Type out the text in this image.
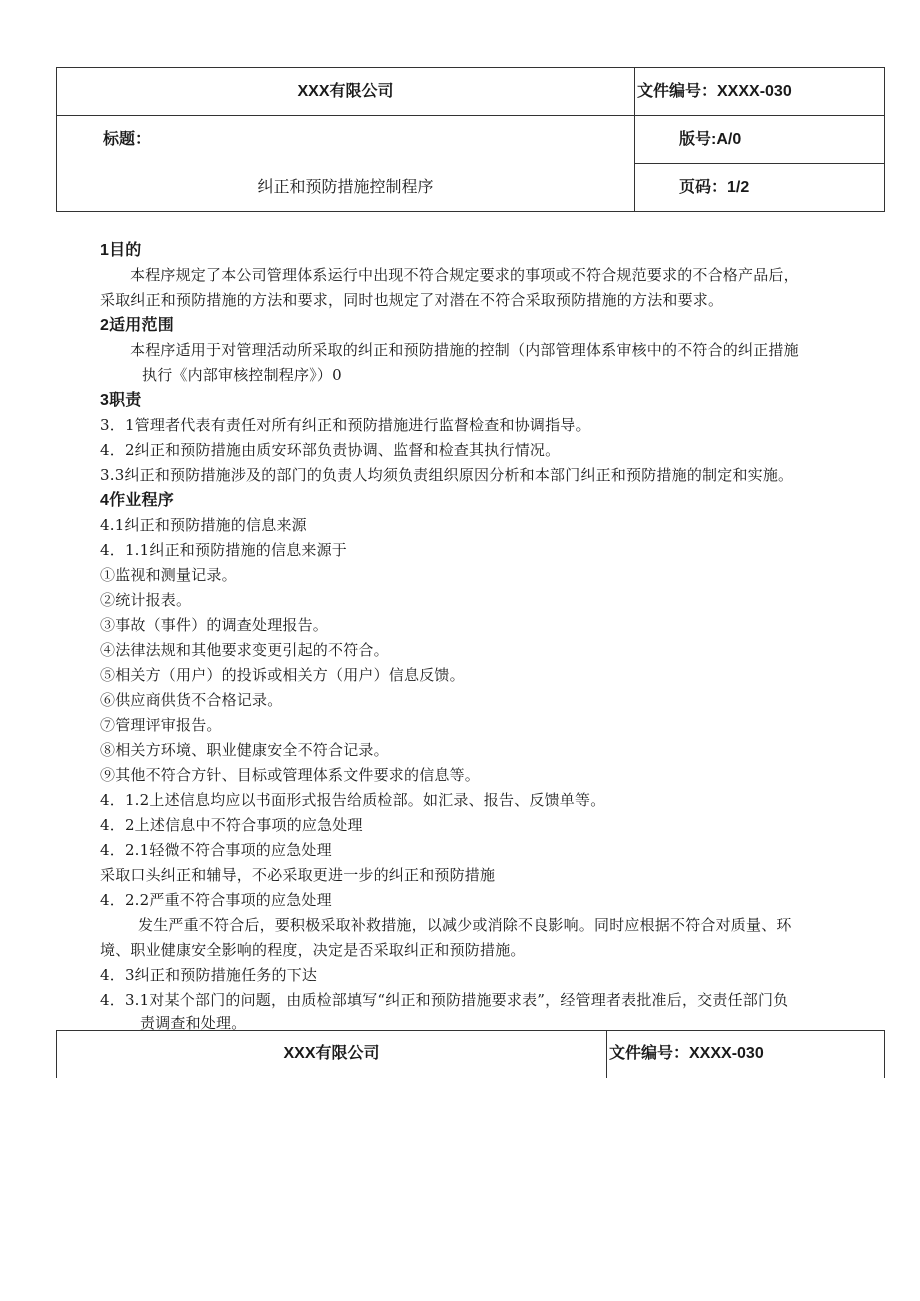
XXX有限公司	文件编号：XXXX-030
标题：	版号:A/0
纠正和预防措施控制程序	页码：1/2
1目的
本程序规定了本公司管理体系运行中出现不符合规定要求的事项或不符合规范要求的不合格产品后，
采取纠正和预防措施的方法和要求，同时也规定了对潜在不符合采取预防措施的方法和要求。
2适用范围
本程序适用于对管理活动所采取的纠正和预防措施的控制（内部管理体系审核中的不符合的纠正措施
执行《内部审核控制程序》）0
3职责
3．1管理者代表有责任对所有纠正和预防措施进行监督检查和协调指导。
4．2纠正和预防措施由质安环部负责协调、监督和检查其执行情况。
3.3纠正和预防措施涉及的部门的负责人均须负责组织原因分析和本部门纠正和预防措施的制定和实施。
4作业程序
4.1纠正和预防措施的信息来源
4．1.1纠正和预防措施的信息来源于
①监视和测量记录。
②统计报表。
③事故（事件）的调查处理报告。
④法律法规和其他要求变更引起的不符合。
⑤相关方（用户）的投诉或相关方（用户）信息反馈。
⑥供应商供货不合格记录。
⑦管理评审报告。
⑧相关方环境、职业健康安全不符合记录。
⑨其他不符合方针、目标或管理体系文件要求的信息等。
4．1.2上述信息均应以书面形式报告给质检部。如汇录、报告、反馈单等。
4．2上述信息中不符合事项的应急处理
4．2.1轻微不符合事项的应急处理
采取口头纠正和辅导，不必采取更进一步的纠正和预防措施
4．2.2严重不符合事项的应急处理
发生严重不符合后，要积极采取补救措施，以减少或消除不良影响。同时应根据不符合对质量、环
境、职业健康安全影响的程度，决定是否采取纠正和预防措施。
4．3纠正和预防措施任务的下达
4．3.1对某个部门的问题，由质检部填写“纠正和预防措施要求表”，经管理者表批准后，交责任部门负
责调查和处理。
XXX有限公司	文件编号：XXXX-030
